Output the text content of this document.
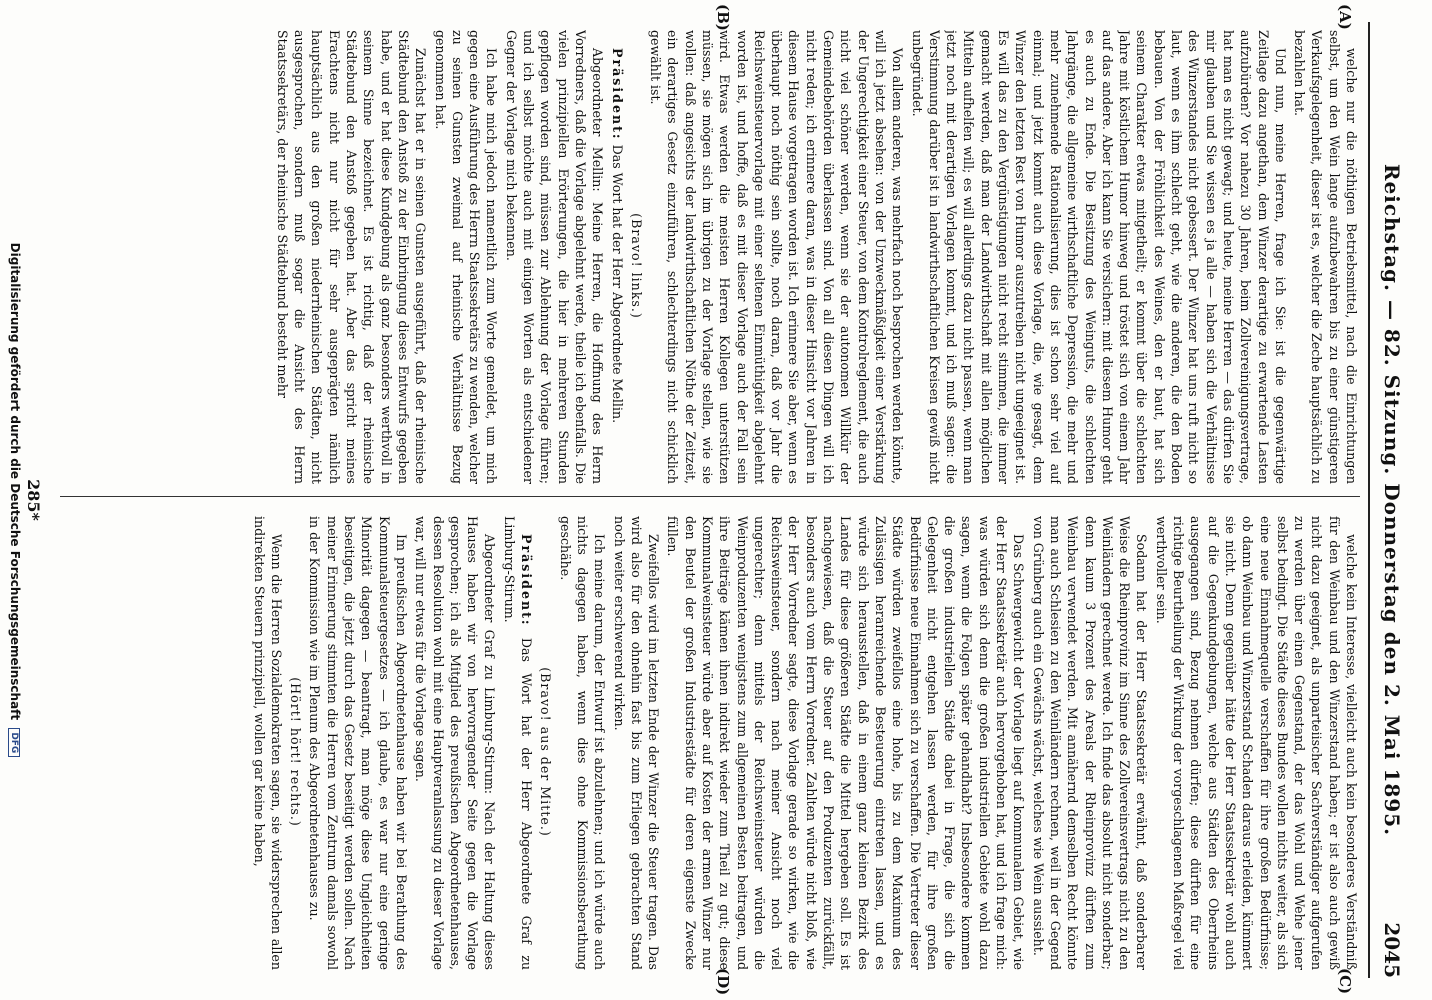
Reichstag. — 82. Sitzung. Donnerstag den 2. Mai 1895.
2045
(A)
(B)
(C)
(D)

welche nur die nöthigen Betriebsmittel, nach die Einrichtungen selbst, um den Wein lange aufzubewahren bis zu einer günstigeren Verkaufsgelegenheit, dieser ist es, welcher die Zeche hauptsächlich zu bezahlen hat.

Und nun, meine Herren, frage ich Sie: ist die gegenwärtige Zeitlage dazu angethan, dem Winzer derartige zu erwartende Lasten aufzubürden? Vor nahezu 30 Jahren, beim Zollvereinigungsvertrage, hat man es nicht gewagt; und heute, meine Herren — das dürfen Sie mir glauben und Sie wissen es ja alle — haben sich die Verhältnisse des Winzerstandes nicht gebessert. Der Winzer hat uns ruft nicht so laut, wenn es ihm schlecht geht, wie die anderen, die den Boden bebauen. Von der Fröhlichkeit des Weines, den er baut, hat sich seinem Charakter etwas mitgetheilt; er kommt über die schlechten Jahre mit köstlichem Humor hinweg und tröstet sich von einem Jahr auf das andere. Aber ich kann Sie versichern: mit diesem Humor geht es auch zu Ende. Die Besitzung des Weinguts, die schlechten Jahrgänge, die allgemeine wirthschaftliche Depression, die mehr und mehr zunehmende Rationalisierung, dies ist schon sehr viel auf einmal; und jetzt kommt auch diese Vorlage, die, wie gesagt, dem Winzer den letzten Rest von Humor auszutreiben nicht ungeeignet ist. Es will das zu den Vergünstigungen nicht recht stimmen, die immer gemacht werden, daß man der Landwirthschaft mit allen möglichen Mitteln aufhelfen will; es will allerdings dazu nicht passen, wenn man jetzt noch mit derartigen Vorlagen kommt, und ich muß sagen: die Verstimmung darüber ist in landwirthschaftlichen Kreisen gewiß nicht unbegründet.

Von allem anderen, was mehrfach noch besprochen werden könnte, will ich jetzt absehen: von der Unzweckmäßigkeit einer Verstärkung der Ungerechtigkeit einer Steuer, von dem Kontrolreglement, die auch nicht viel schöner werden, wenn sie der autonomen Willkür der Gemeindebehörden überlassen sind. Von all diesen Dingen will ich nicht reden; ich erinnere daran, was in dieser Hinsicht vor Jahren in diesem Hause vorgetragen worden ist. Ich erinnere Sie aber, wenn es überhaupt noch nöthig sein sollte, noch daran, daß vor Jahr die Reichsweinsteuervorlage mit einer seltenen Einmüthigkeit abgelehnt worden ist, und hoffe, daß es mit dieser Vorlage auch der Fall sein wird. Etwas werden die meisten Herren Kollegen unterstützen müssen, sie mögen sich im übrigen zu der Vorlage stellen, wie sie wollen: daß angesichts der landwirthschaftlichen Nöthe der Zeitzeit, ein derartiges Gesetz einzuführen, schlechterdings nicht schicklich gewählt ist.

(Bravo! links.)

Präsident: Das Wort hat der Herr Abgeordnete Mellin.

Abgeordneter Mellin: Meine Herren, die Hoffnung des Herrn Vorredners, daß die Vorlage abgelehnt werde, theile ich ebenfalls. Die vielen prinzipiellen Erörterungen, die hier in mehreren Stunden gepflogen worden sind, müssen zur Ablehnung der Vorlage führen; und ich selbst möchte auch mit einigen Worten als entschiedener Gegner der Vorlage mich bekennen.

Ich habe mich jedoch namentlich zum Worte gemeldet, um mich gegen eine Ausführung des Herrn Staatssekretärs zu wenden, welcher zu seinen Gunsten zweimal auf rheinische Verhältnisse Bezug genommen hat.

Zunächst hat er in seinen Gunsten ausgeführt, daß der rheinische Städtebund den Anstoß zu der Einbringung dieses Entwurfs gegeben habe, und er hat diese Kundgebung als ganz besonders werthvoll in seinem Sinne bezeichnet. Es ist richtig, daß der rheinische Städtebund den Anstoß gegeben hat. Aber das spricht meines Erachtens nicht nur nicht für sehr ausgeprägten nämlich hauptsächlich aus den großen niederrheinischen Städten, nicht ausgesprochen, sondern muß sogar die Ansicht des Herrn Staatssekretärs, der rheinische Städtebund besteht mehr

welche kein Interesse, vielleicht auch kein besonderes Verständniß für den Weinbau und den Winzerstand haben; er ist also auch gewiß nicht dazu geeignet, als unparteiischer Sachverständiger aufgerufen zu werden über einen Gegenstand, der das Wohl und Wehe jener selbst bedingt. Die Städte dieses Bundes wollen nichts weiter, als sich eine neue Einnahmequelle verschaffen für ihre großen Bedürfnisse; ob dann Weinbau und Winzerstand Schaden daraus erleiden, kümmert sie nicht. Denn gegenüber hätte der Herr Staatssekretär wohl auch auf die Gegenkundgebungen, welche aus Städten des Oberrheins ausgegangen sind, Bezug nehmen dürfen; diese dürften für eine richtige Beurtheilung der Wirkung der vorgeschlagenen Maßregel viel werthvoller sein.

Sodann hat der Herr Staatssekretär erwähnt, daß sonderbarer Weise die Rheinprovinz im Sinne des Zollvereinsvertrags nicht zu den Weinländern gerechnet werde. Ich finde das absolut nicht sonderbar; denn kaum 3 Prozent des Areals der Rheinprovinz dürften zum Weinbau verwendet werden. Mit annähernd demselben Recht könnte man auch Schlesien zu den Weinländern rechnen, weil in der Gegend von Grünberg auch ein Gewächs wächst, welches wie Wein aussieht.

Das Schwergewicht der Vorlage liegt auf kommunalem Gebiet, wie der Herr Staatssekretär auch hervorgehoben hat, und ich frage mich: was würden sich denn die großen industriellen Gebiete wohl dazu sagen, wenn die Folgen später gehandhabt? Insbesondere kommen die großen industriellen Städte dabei in Frage, die sich die Gelegenheit nicht entgehen lassen werden, für ihre großen Bedürfnisse neue Einnahmen sich zu verschaffen. Die Vertreter dieser Städte würden zweifellos eine hohe, bis zu dem Maximum des Zulässigen heranreichende Besteuerung eintreten lassen, und es würde sich herausstellen, daß in einem ganz kleinen Bezirk des Landes für diese größeren Städte die Mittel hergeben soll. Es ist nachgewiesen, daß die Steuer auf den Produzenten zurückfällt, besonders auch vom Herrn Vorredner. Zahlten würde nicht bloß, wie der Herr Vorredner sagte, diese Vorlage gerade so wirken, wie die Reichsweinsteuer, sondern nach meiner Ansicht noch viel ungerechter; denn mittels der Reichsweinsteuer würden die Weinproduzenten wenigstens zum allgemeinen Besten beitragen, und ihre Beiträge kämen ihnen indirekt wieder zum Theil zu gut; diese Kommunalweinsteuer würde aber auf Kosten der armen Winzer nur den Beutel der großen Industriestädte für deren eigenste Zwecke füllen.

Zweifellos wird im letzten Ende der Winzer die Steuer tragen. Das wird also für den ohnehin fast bis zum Erliegen gebrachten Stand noch weiter erschwerend wirken.

Ich meine darum, der Entwurf ist abzulehnen; und ich würde auch nichts dagegen haben, wenn dies ohne Kommissionsberathung geschähe.

(Bravo! aus der Mitte.)

Präsident: Das Wort hat der Herr Abgeordnete Graf zu Limburg-Stirum.

Abgeordneter Graf zu Limburg-Stirum: Nach der Haltung dieses Hauses haben wir von hervorragender Seite gegen die Vorlage gesprochen; ich als Mitglied des preußischen Abgeordnetenhauses, dessen Resolution wohl mit eine Hauptveranlassung zu dieser Vorlage war, will nur etwas für die Vorlage sagen.

Im preußischen Abgeordnetenhause haben wir bei Berathung des Kommunalsteuergesetzes — ich glaube, es war nur eine geringe Minorität dagegen — beantragt, man möge diese Ungleichheiten beseitigen, die jetzt durch das Gesetz beseitigt werden sollen. Nach meiner Erinnerung stimmten die Herren vom Zentrum damals sowohl in der Kommission wie im Plenum des Abgeordnetenhauses zu.

(Hört! hört! rechts.)

Wenn die Herren Sozialdemokraten sagen, sie widersprechen allen indirekten Steuern prinzipiell, wollen gar keine haben,

285*
Digitalisierung gefördert durch die Deutsche Forschungsgemeinschaft DFG
